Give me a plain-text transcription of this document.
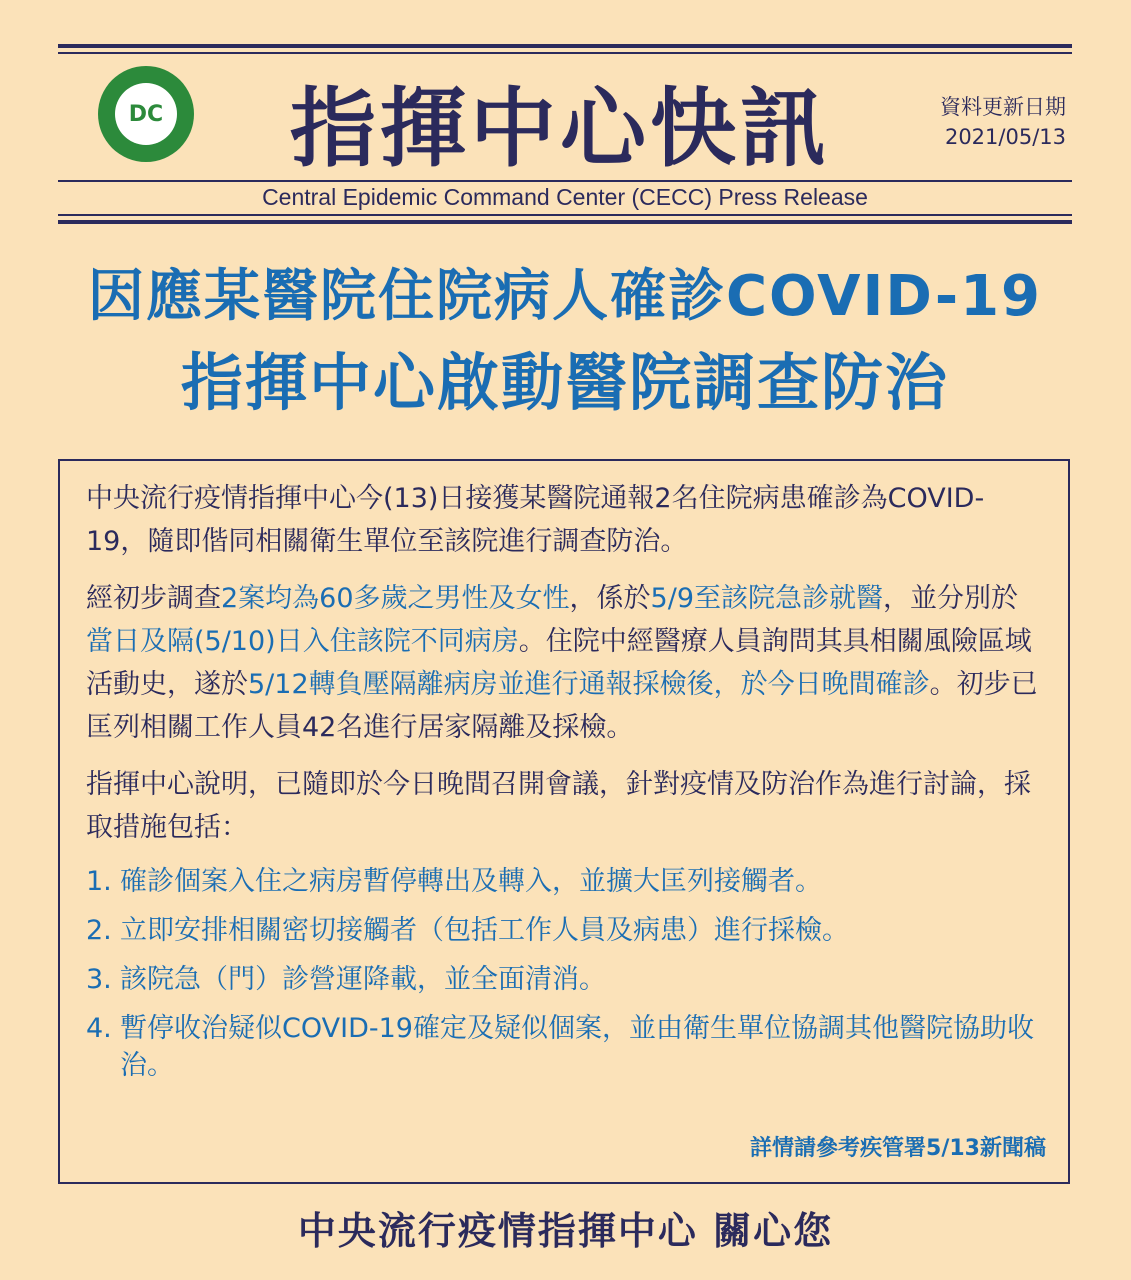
DC	指揮中心快訊	資料更新日期
2021/05/13
Central Epidemic Command Center (CECC) Press Release
因應某醫院住院病人確診COVID-19
指揮中心啟動醫院調查防治

中央流行疫情指揮中心今(13)日接獲某醫院通報2名住院病患確診為COVID-19，隨即偕同相關衛生單位至該院進行調查防治。

經初步調查2案均為60多歲之男性及女性，係於5/9至該院急診就醫，並分別於當日及隔(5/10)日入住該院不同病房。住院中經醫療人員詢問其具相關風險區域活動史，遂於5/12轉負壓隔離病房並進行通報採檢後，於今日晚間確診。初步已匡列相關工作人員42名進行居家隔離及採檢。

指揮中心說明，已隨即於今日晚間召開會議，針對疫情及防治作為進行討論，採取措施包括：

1. 確診個案入住之病房暫停轉出及轉入，並擴大匡列接觸者。
2. 立即安排相關密切接觸者（包括工作人員及病患）進行採檢。
3. 該院急（門）診營運降載，並全面清消。
4. 暫停收治疑似COVID-19確定及疑似個案，並由衛生單位協調其他醫院協助收治。
詳情請參考疾管署5/13新聞稿
中央流行疫情指揮中心 關心您
